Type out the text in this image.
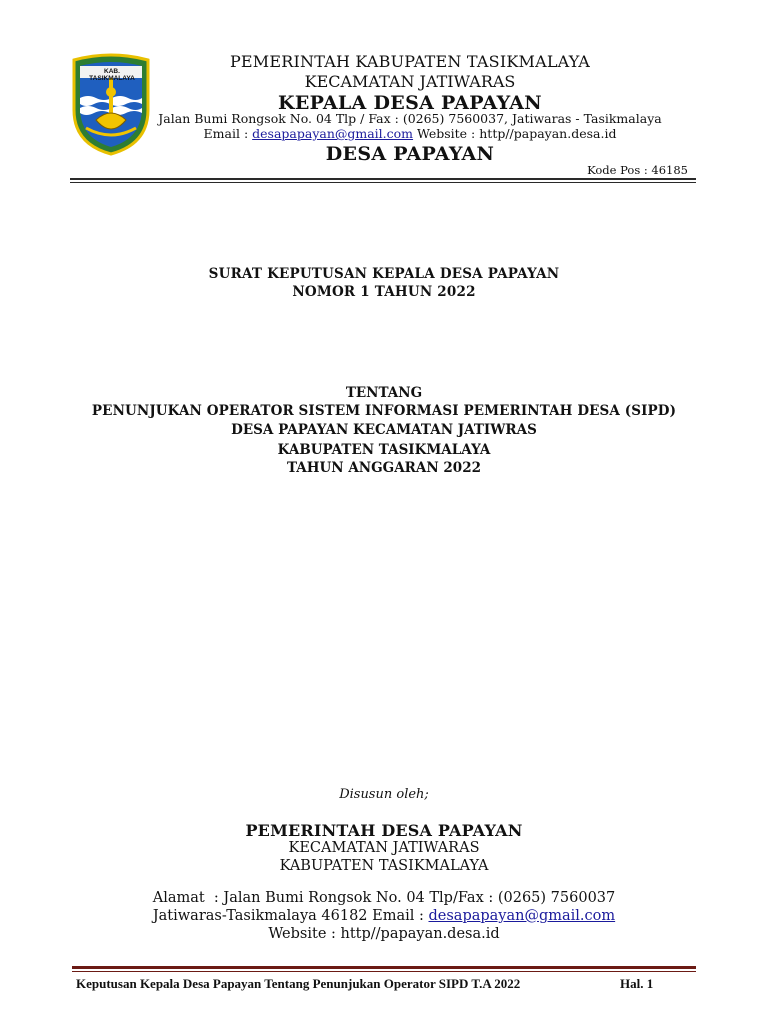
KAB. TASIKMALAYA
PEMERINTAH KABUPATEN TASIKMALAYA
KECAMATAN JATIWARAS
KEPALA DESA PAPAYAN
Jalan Bumi Rongsok No. 04 Tlp / Fax : (0265) 7560037, Jatiwaras - Tasikmalaya
Email : desapapayan@gmail.com Website : http//papayan.desa.id
DESA PAPAYAN
Kode Pos : 46185
SURAT KEPUTUSAN KEPALA DESA PAPAYAN
NOMOR 1 TAHUN 2022
TENTANG
PENUNJUKAN OPERATOR SISTEM INFORMASI PEMERINTAH DESA (SIPD)
DESA PAPAYAN KECAMATAN JATIWRAS
KABUPATEN TASIKMALAYA
TAHUN ANGGARAN 2022
Disusun oleh;
PEMERINTAH DESA PAPAYAN
KECAMATAN JATIWARAS
KABUPATEN TASIKMALAYA
Alamat  : Jalan Bumi Rongsok No. 04 Tlp/Fax : (0265) 7560037
Jatiwaras-Tasikmalaya 46182 Email : desapapayan@gmail.com
Website : http//papayan.desa.id
Keputusan Kepala Desa Papayan Tentang Penunjukan Operator SIPD T.A 2022	Hal. 1
